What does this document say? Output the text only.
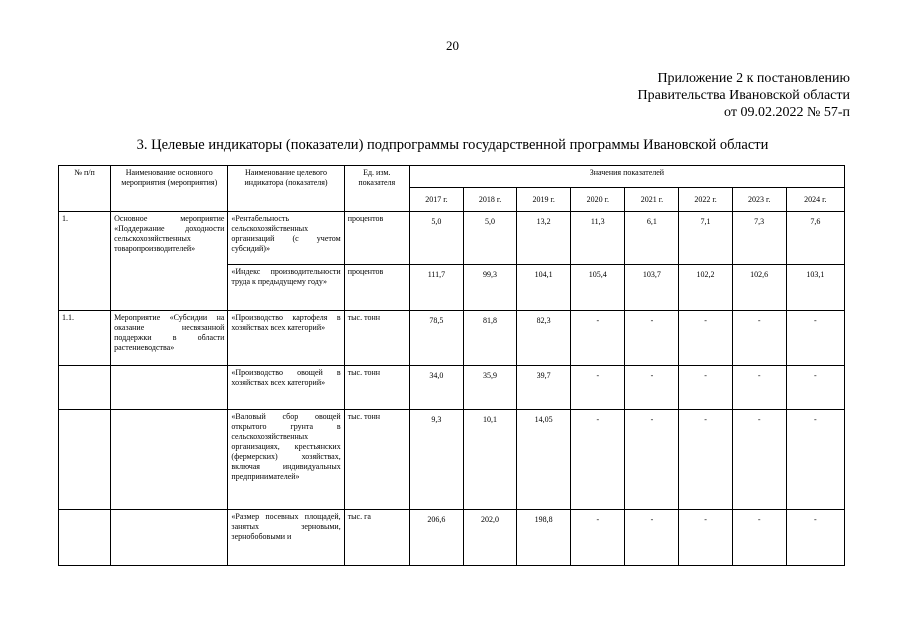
20
Приложение 2 к постановлению
Правительства Ивановской области
от 09.02.2022 № 57-п
3. Целевые индикаторы (показатели) подпрограммы государственной программы Ивановской области
№ п/п	Наименование основного мероприятия (мероприятия)	Наименование целевого индикатора (показателя)	Ед. изм. показателя	Значения показателей							
				2017 г.	2018 г.	2019 г.	2020 г.	2021 г.	2022 г.	2023 г.	2024 г.
1.	Основное мероприятие «Поддержание доходности сельскохозяйственных товаропроизводителей»	«Рентабельность сельскохозяйственных организаций (с учетом субсидий)»	процентов	5,0	5,0	13,2	11,3	6,1	7,1	7,3	7,6
		«Индекс производительности труда к предыдущему году»	процентов	111,7	99,3	104,1	105,4	103,7	102,2	102,6	103,1
1.1.	Мероприятие «Субсидии на оказание несвязанной поддержки в области растениеводства»	«Производство картофеля в хозяйствах всех категорий»	тыс. тонн	78,5	81,8	82,3	-	-	-	-	-
		«Производство овощей в хозяйствах всех категорий»	тыс. тонн	34,0	35,9	39,7	-	-	-	-	-
		«Валовый сбор овощей открытого грунта в сельскохозяйственных организациях, крестьянских (фермерских) хозяйствах, включая индивидуальных предпринимателей»	тыс. тонн	9,3	10,1	14,05	-	-	-	-	-
		«Размер посевных площадей, занятых зерновыми, зернобобовыми и	тыс. га	206,6	202,0	198,8	-	-	-	-	-
